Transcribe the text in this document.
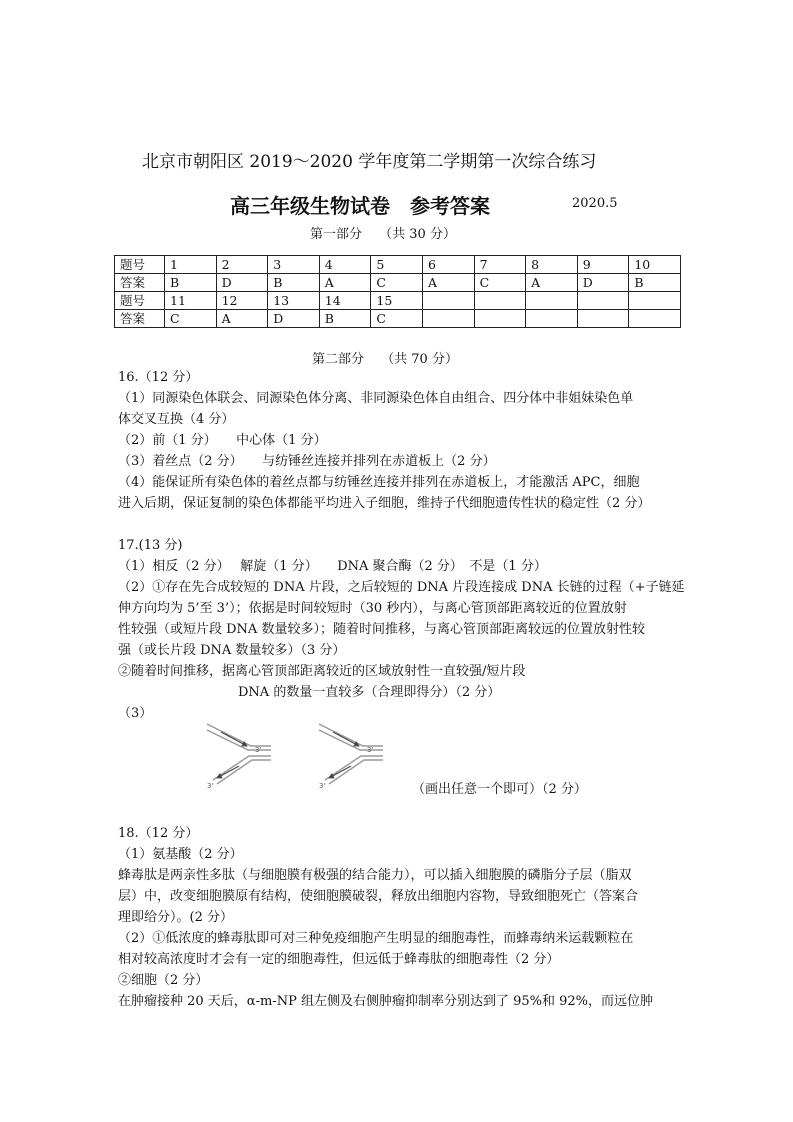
北京市朝阳区 2019～2020 学年度第二学期第一次综合练习
高三年级生物试卷　参考答案	2020.5
第一部分　 （共 30 分）
题号	1	2	3	4	5	6	7	8	9	10
答案	B	D	B	A	C	A	C	A	D	B
题号	11	12	13	14	15					
答案	C	A	D	B	C					
第二部分　 （共 70 分）
16.（12 分）
（1）同源染色体联会、同源染色体分离、非同源染色体自由组合、四分体中非姐妹染色单
体交叉互换（4 分）
（2）前（1 分）　　中心体（1 分）
（3）着丝点（2 分）　　与纺锤丝连接并排列在赤道板上（2 分）
（4）能保证所有染色体的着丝点都与纺锤丝连接并排列在赤道板上，才能激活 APC，细胞
进入后期，保证复制的染色体都能平均进入子细胞，维持子代细胞遗传性状的稳定性（2 分）
17.(13 分)
（1）相反（2 分）　 解旋（1 分）　　DNA 聚合酶（2 分）　不是（1 分）
（2）①存在先合成较短的 DNA 片段，之后较短的 DNA 片段连接成 DNA 长链的过程（+子链延
伸方向均为 5’至 3’）；依据是时间较短时（30 秒内），与离心管顶部距离较近的位置放射
性较强（或短片段 DNA 数量较多）；随着时间推移，与离心管顶部距离较远的位置放射性较
强（或长片段 DNA 数量较多）（3 分）
②随着时间推移，据离心管顶部距离较近的区域放射性一直较强/短片段
DNA 的数量一直较多（合理即得分）（2 分）
（3）
3'
3'
3'
3'	（画出任意一个即可）（2 分）
18.（12 分）
（1）氨基酸（2 分）
蜂毒肽是两亲性多肽（与细胞膜有极强的结合能力），可以插入细胞膜的磷脂分子层（脂双
层）中，改变细胞膜原有结构，使细胞膜破裂，释放出细胞内容物，导致细胞死亡（答案合
理即给分）。(2 分）
（2）①低浓度的蜂毒肽即可对三种免疫细胞产生明显的细胞毒性，而蜂毒纳米运载颗粒在
相对较高浓度时才会有一定的细胞毒性，但远低于蜂毒肽的细胞毒性（2 分）
②细胞（2 分）
在肿瘤接种 20 天后，α-m-NP 组左侧及右侧肿瘤抑制率分别达到了 95%和 92%，而远位肿
